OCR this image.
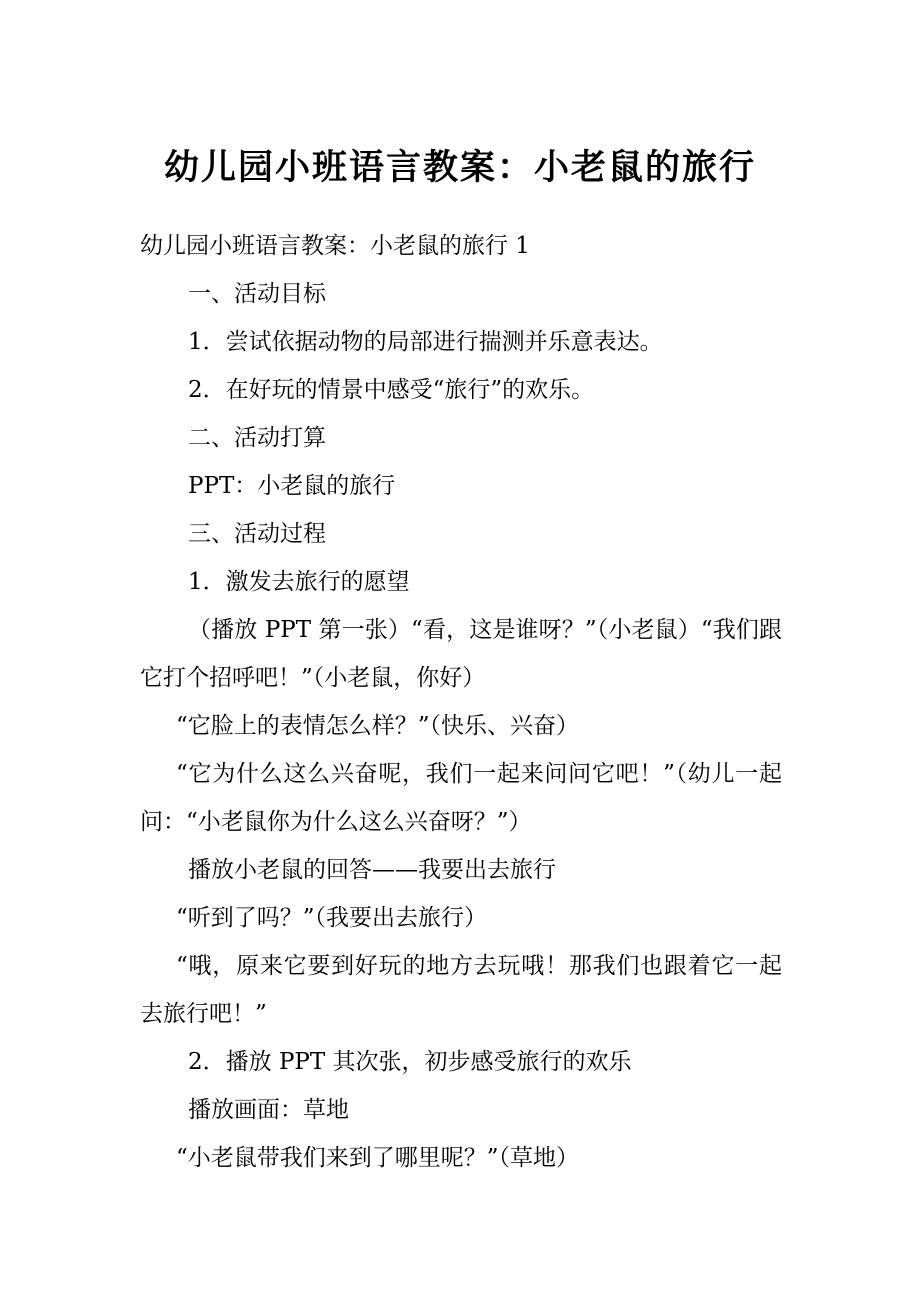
幼儿园小班语言教案：小老鼠的旅行

幼儿园小班语言教案：小老鼠的旅行 1

一、活动目标

1．尝试依据动物的局部进行揣测并乐意表达。

2．在好玩的情景中感受“旅行”的欢乐。

二、活动打算

PPT：小老鼠的旅行

三、活动过程

1．激发去旅行的愿望

（播放 PPT 第一张）“看，这是谁呀？”（小老鼠）“我们跟它打个招呼吧！”（小老鼠，你好）

“它脸上的表情怎么样？”（快乐、兴奋）

“它为什么这么兴奋呢，我们一起来问问它吧！”（幼儿一起问：“小老鼠你为什么这么兴奋呀？”）

播放小老鼠的回答——我要出去旅行

“听到了吗？”（我要出去旅行）

“哦，原来它要到好玩的地方去玩哦！那我们也跟着它一起去旅行吧！”

2．播放 PPT 其次张，初步感受旅行的欢乐

播放画面：草地

“小老鼠带我们来到了哪里呢？”（草地）
